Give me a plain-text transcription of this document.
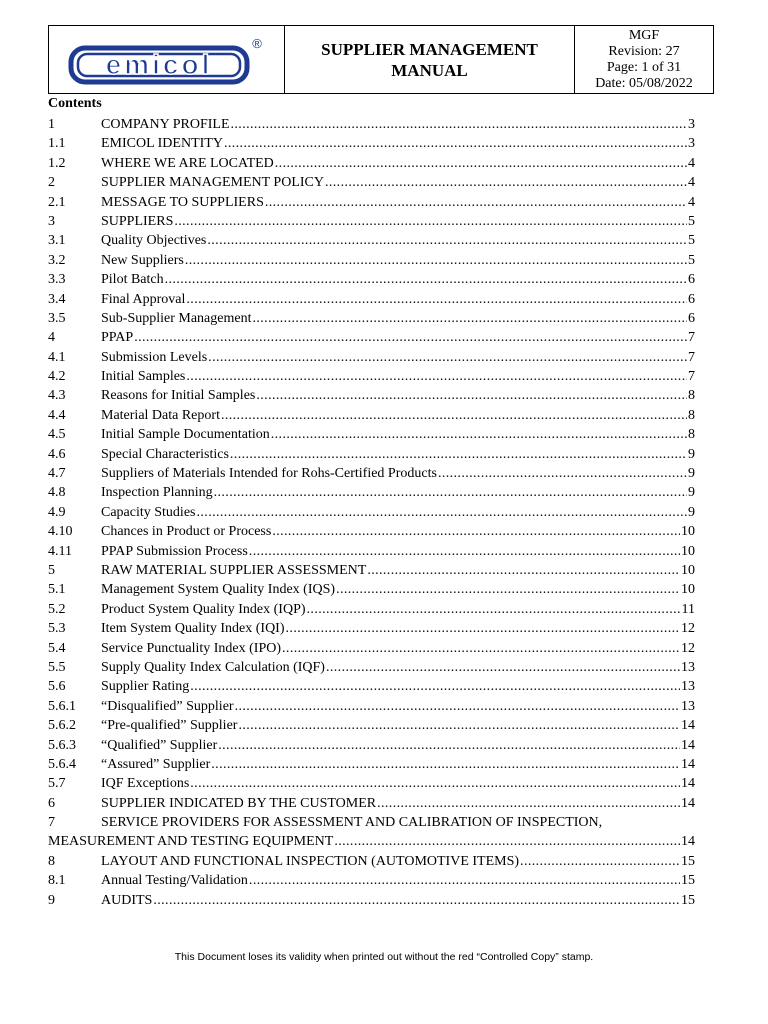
emicol
®	SUPPLIER MANAGEMENT
MANUAL
MGF
Revision: 27
Page: 1 of 31
Date: 05/08/2022
Contents
1	COMPANY PROFILE .....	3
1.1	EMICOL IDENTITY .....	3
1.2	WHERE WE ARE LOCATED .....	4
2	SUPPLIER MANAGEMENT POLICY .....	4
2.1	MESSAGE TO SUPPLIERS .....	4
3	SUPPLIERS .....	5
3.1	Quality Objectives .....	5
3.2	New Suppliers .....	5
3.3	Pilot Batch .....	6
3.4	Final Approval .....	6
3.5	Sub-Supplier Management .....	6
4	PPAP .....	7
4.1	Submission Levels .....	7
4.2	Initial Samples .....	7
4.3	Reasons for Initial Samples .....	8
4.4	Material Data Report .....	8
4.5	Initial Sample Documentation .....	8
4.6	Special Characteristics .....	9
4.7	Suppliers of Materials Intended for Rohs-Certified Products .....	9
4.8	Inspection Planning .....	9
4.9	Capacity Studies .....	9
4.10	Chances in Product or Process .....	10
4.11	PPAP Submission Process .....	10
5	RAW MATERIAL SUPPLIER ASSESSMENT .....	10
5.1	Management System Quality Index (IQS) .....	10
5.2	Product System Quality Index (IQP) .....	11
5.3	Item System Quality Index (IQI) .....	12
5.4	Service Punctuality Index (IPO) .....	12
5.5	Supply Quality Index Calculation (IQF) .....	13
5.6	Supplier Rating .....	13
5.6.1	“Disqualified” Supplier .....	13
5.6.2	“Pre-qualified” Supplier .....	14
5.6.3	“Qualified” Supplier .....	14
5.6.4	“Assured” Supplier .....	14
5.7	IQF Exceptions .....	14
6	SUPPLIER INDICATED BY THE CUSTOMER .....	14
7	SERVICE PROVIDERS FOR ASSESSMENT AND CALIBRATION OF INSPECTION,
MEASUREMENT AND TESTING EQUIPMENT .....	14
8	LAYOUT AND FUNCTIONAL INSPECTION (AUTOMOTIVE ITEMS) .....	15
8.1	Annual Testing/Validation .....	15
9	AUDITS .....	15
This Document loses its validity when printed out without the red “Controlled Copy” stamp.
